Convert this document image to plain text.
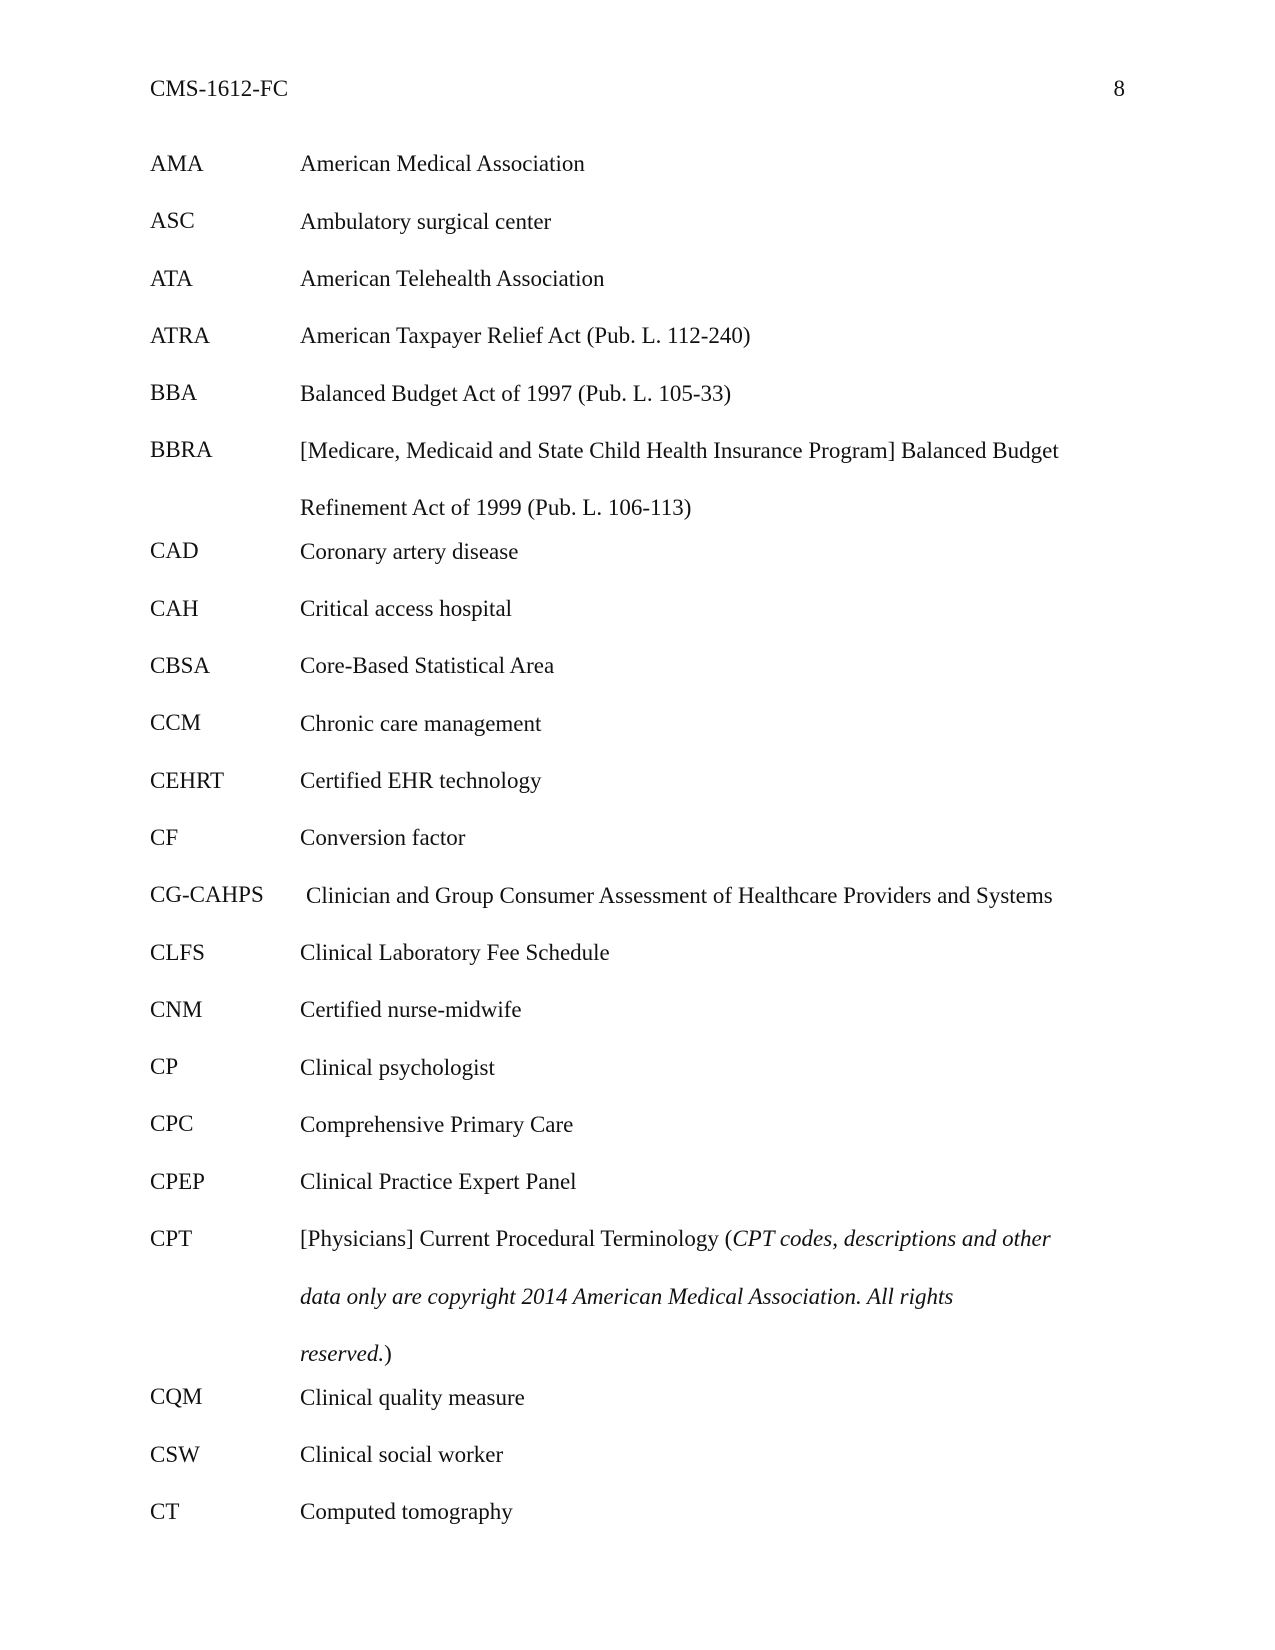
CMS-1612-FC	8
AMA	American Medical Association
ASC	Ambulatory surgical center
ATA	American Telehealth Association
ATRA	American Taxpayer Relief Act (Pub. L. 112-240)
BBA	Balanced Budget Act of 1997 (Pub. L. 105-33)
BBRA	[Medicare, Medicaid and State Child Health Insurance Program] Balanced Budget
Refinement Act of 1999 (Pub. L. 106-113)
CAD	Coronary artery disease
CAH	Critical access hospital
CBSA	Core-Based Statistical Area
CCM	Chronic care management
CEHRT	Certified EHR technology
CF	Conversion factor
CG-CAHPS	Clinician and Group Consumer Assessment of Healthcare Providers and Systems
CLFS	Clinical Laboratory Fee Schedule
CNM	Certified nurse-midwife
CP	Clinical psychologist
CPC	Comprehensive Primary Care
CPEP	Clinical Practice Expert Panel
CPT	[Physicians] Current Procedural Terminology (CPT codes, descriptions and other
data only are copyright 2014 American Medical Association. All rights
reserved.)
CQM	Clinical quality measure
CSW	Clinical social worker
CT	Computed tomography
